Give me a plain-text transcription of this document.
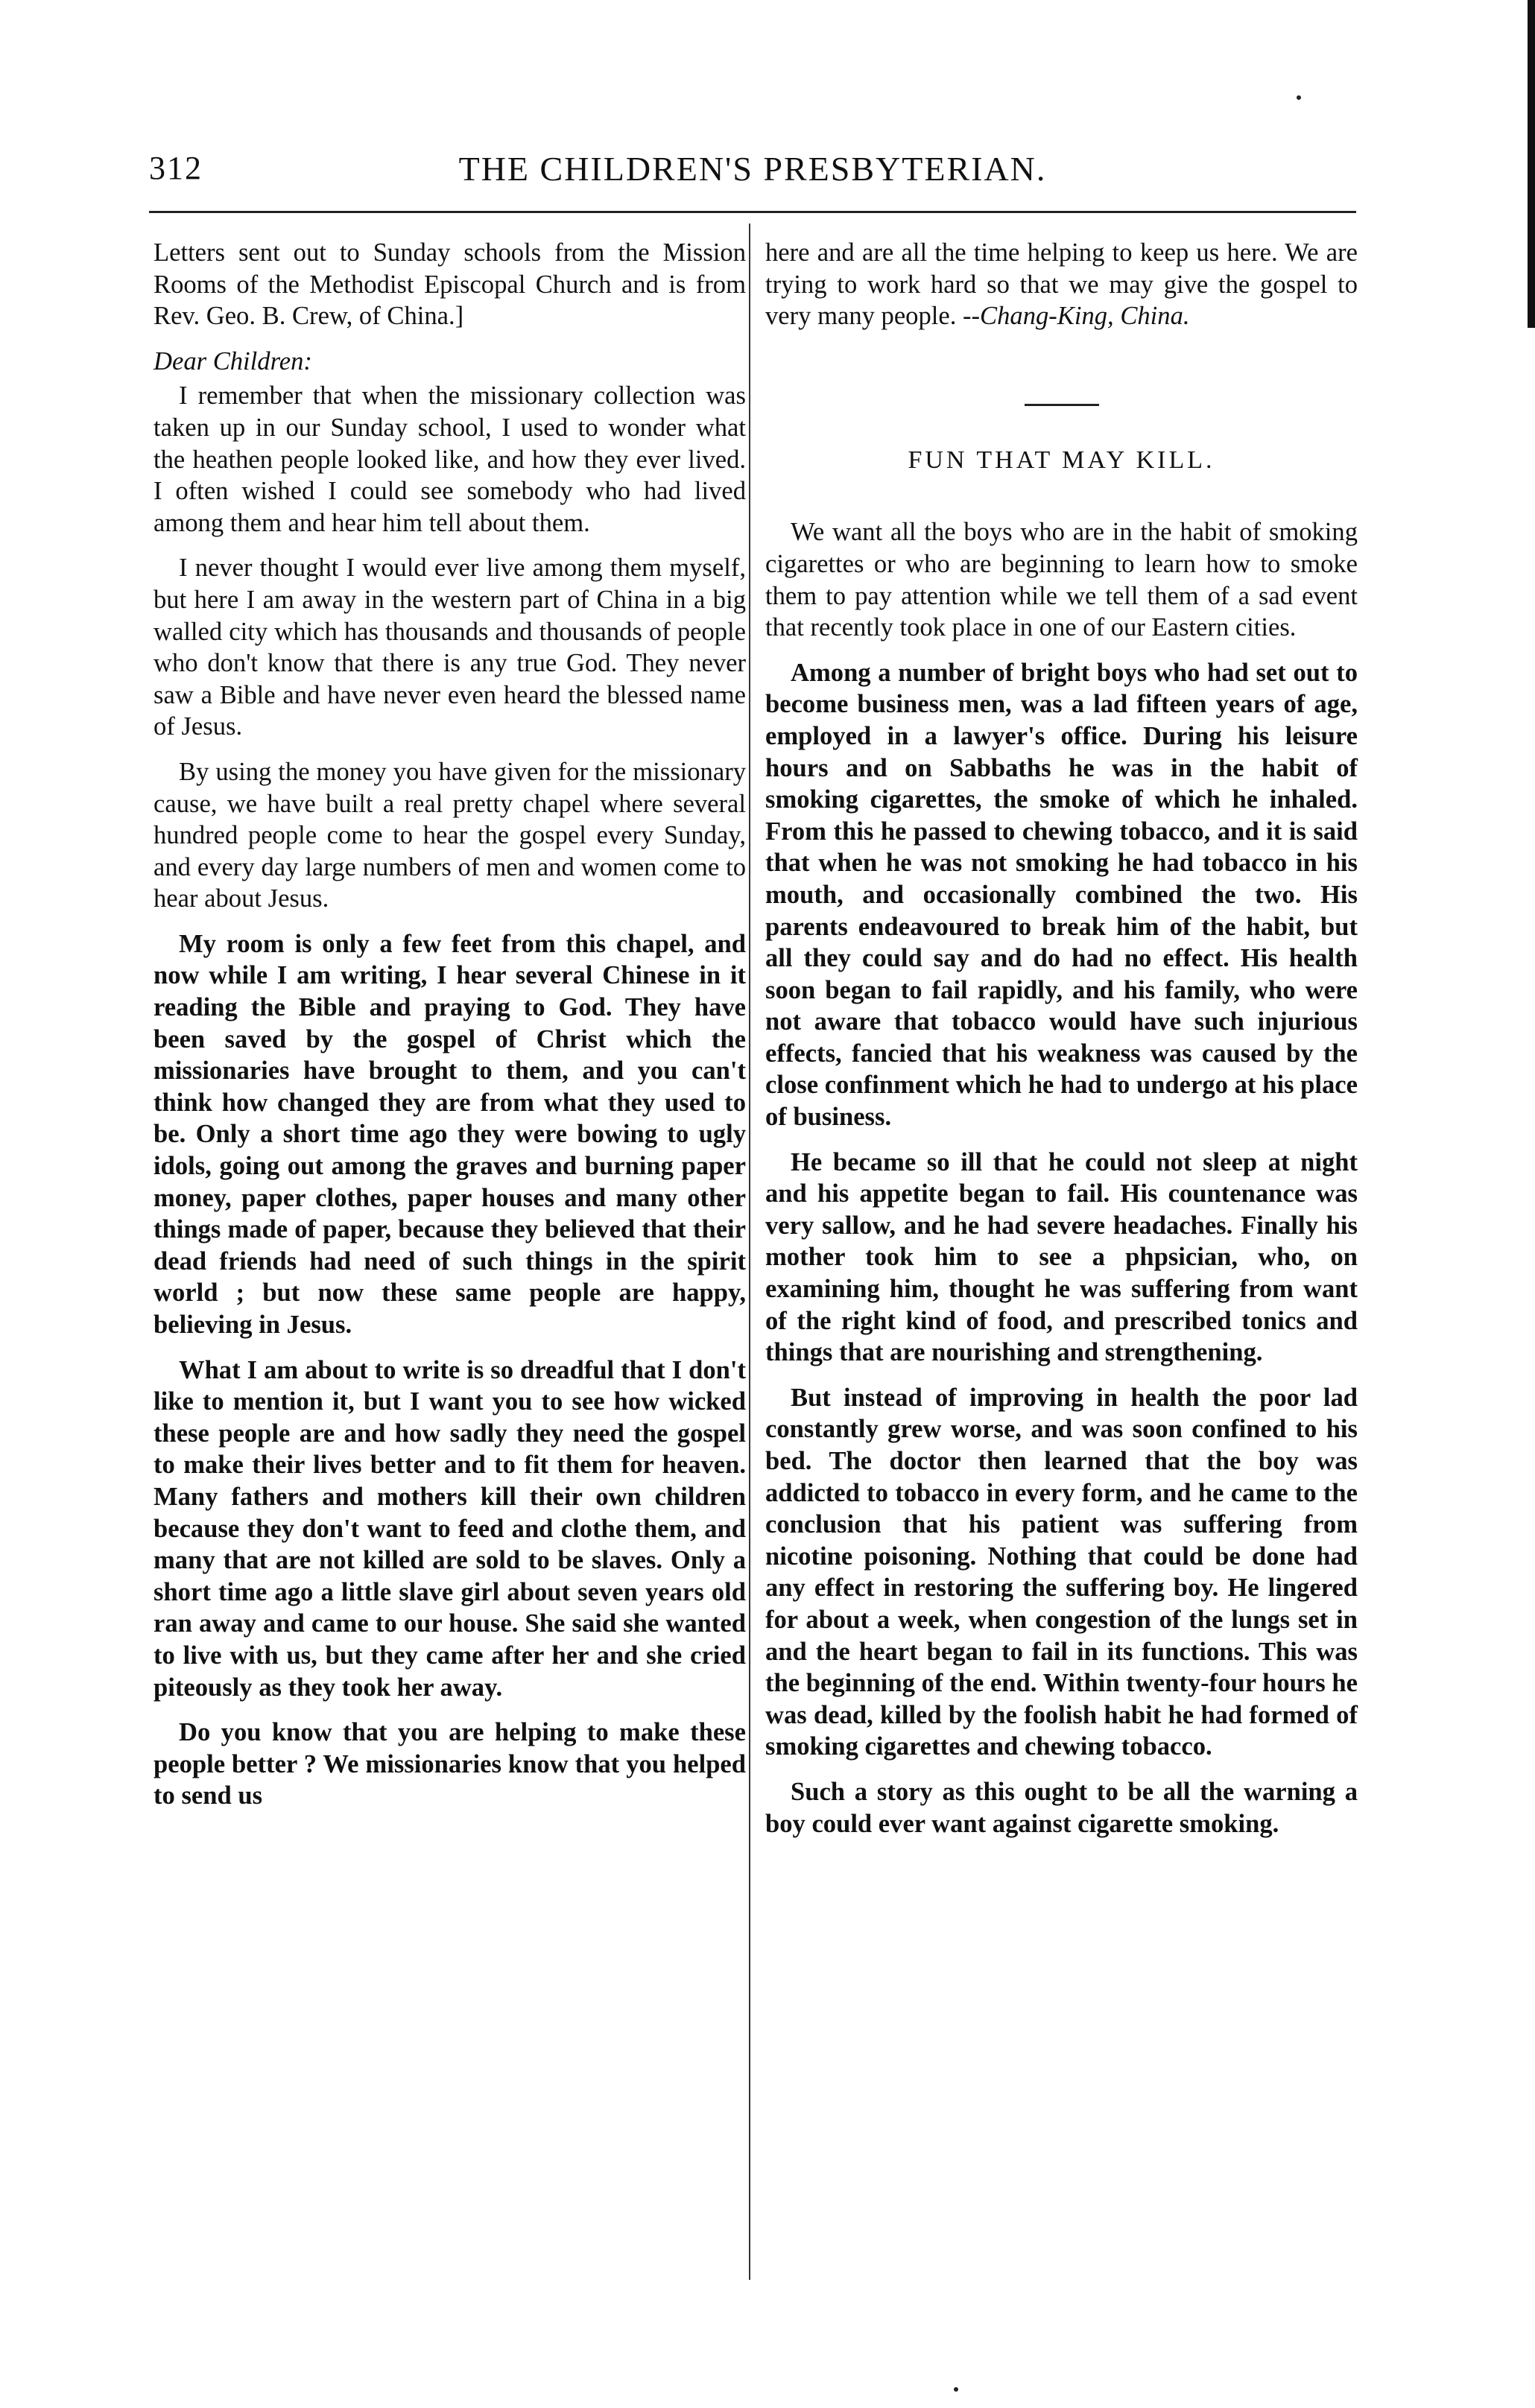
312	THE CHILDREN'S PRESBYTERIAN.

Letters sent out to Sunday schools from the Mission Rooms of the Methodist Episcopal Church and is from Rev. Geo. B. Crew, of China.]

Dear Children:

I remember that when the missionary collection was taken up in our Sunday school, I used to wonder what the heathen people looked like, and how they ever lived. I often wished I could see somebody who had lived among them and hear him tell about them.

I never thought I would ever live among them myself, but here I am away in the western part of China in a big walled city which has thousands and thousands of people who don't know that there is any true God. They never saw a Bible and have never even heard the blessed name of Jesus.

By using the money you have given for the missionary cause, we have built a real pretty chapel where several hundred people come to hear the gospel every Sunday, and every day large numbers of men and women come to hear about Jesus.

My room is only a few feet from this chapel, and now while I am writing, I hear several Chinese in it reading the Bible and praying to God. They have been saved by the gospel of Christ which the missionaries have brought to them, and you can't think how changed they are from what they used to be. Only a short time ago they were bowing to ugly idols, going out among the graves and burning paper money, paper clothes, paper houses and many other things made of paper, because they believed that their dead friends had need of such things in the spirit world ; but now these same people are happy, believing in Jesus.

What I am about to write is so dreadful that I don't like to mention it, but I want you to see how wicked these people are and how sadly they need the gospel to make their lives better and to fit them for heaven. Many fathers and mothers kill their own children because they don't want to feed and clothe them, and many that are not killed are sold to be slaves. Only a short time ago a little slave girl about seven years old ran away and came to our house. She said she wanted to live with us, but they came after her and she cried piteously as they took her away.

Do you know that you are helping to make these people better ? We missionaries know that you helped to send us

here and are all the time helping to keep us here. We are trying to work hard so that we may give the gospel to very many people. --Chang-King, China.

FUN THAT MAY KILL.

We want all the boys who are in the habit of smoking cigarettes or who are beginning to learn how to smoke them to pay attention while we tell them of a sad event that recently took place in one of our Eastern cities.

Among a number of bright boys who had set out to become business men, was a lad fifteen years of age, employed in a lawyer's office. During his leisure hours and on Sabbaths he was in the habit of smoking cigarettes, the smoke of which he inhaled. From this he passed to chewing tobacco, and it is said that when he was not smoking he had tobacco in his mouth, and occasionally combined the two. His parents endeavoured to break him of the habit, but all they could say and do had no effect. His health soon began to fail rapidly, and his family, who were not aware that tobacco would have such injurious effects, fancied that his weakness was caused by the close confinment which he had to undergo at his place of business.

He became so ill that he could not sleep at night and his appetite began to fail. His countenance was very sallow, and he had severe headaches. Finally his mother took him to see a phpsician, who, on examining him, thought he was suffering from want of the right kind of food, and prescribed tonics and things that are nourishing and strengthening.

But instead of improving in health the poor lad constantly grew worse, and was soon confined to his bed. The doctor then learned that the boy was addicted to tobacco in every form, and he came to the conclusion that his patient was suffering from nicotine poisoning. Nothing that could be done had any effect in restoring the suffering boy. He lingered for about a week, when congestion of the lungs set in and the heart began to fail in its functions. This was the beginning of the end. Within twenty-four hours he was dead, killed by the foolish habit he had formed of smoking cigarettes and chewing tobacco.

Such a story as this ought to be all the warning a boy could ever want against cigarette smoking.
